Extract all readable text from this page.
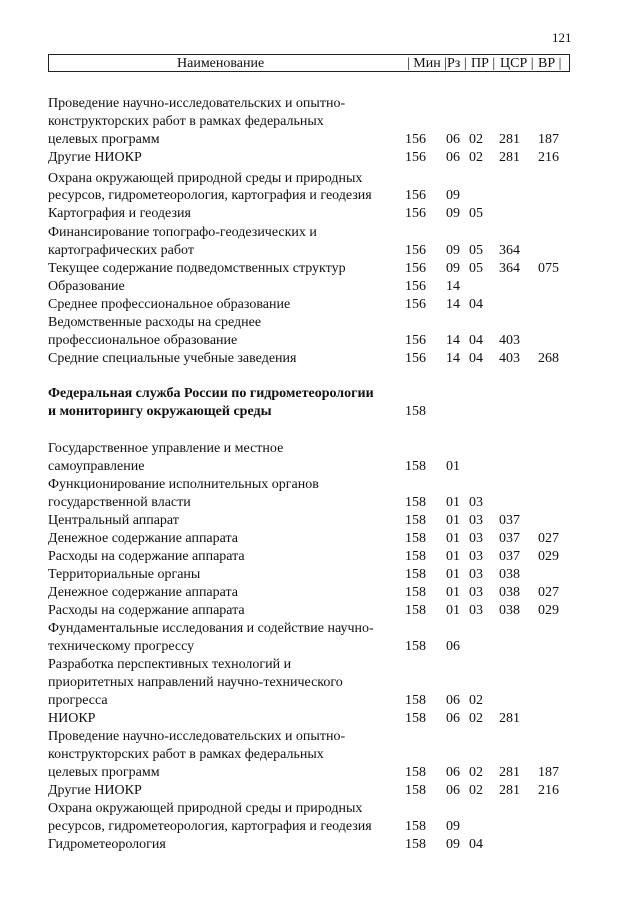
121
Наименование	| Мин | Рз | ПР | ЦСР | ВР |
Проведение научно-исследовательских и опытно-
конструкторских работ в рамках федеральных
целевых программ	156 06 02 281 187
Другие НИОКР	156 06 02 281 216
Охрана окружающей природной среды и природных
ресурсов, гидрометеорология, картография и геодезия 156 09
Картография и геодезия	156 09 05
Финансирование топографо-геодезических и
картографических работ	156 09 05 364
Текущее содержание подведомственных структур	156 09 05 364 075
Образование	156 14
Среднее профессиональное образование	156 14 04
Ведомственные расходы на среднее
профессиональное образование	156 14 04 403
Средние специальные учебные заведения	156 14 04 403 268
Федеральная служба России по гидрометеорологии
и мониторингу окружающей среды	158
Государственное управление и местное
самоуправление	158 01
Функционирование исполнительных органов
государственной власти	158 01 03
Центральный аппарат	158 01 03 037
Денежное содержание аппарата	158 01 03 037 027
Расходы на содержание аппарата	158 01 03 037 029
Территориальные органы	158 01 03 038
Денежное содержание аппарата	158 01 03 038 027
Расходы на содержание аппарата	158 01 03 038 029
Фундаментальные исследования и содействие научно-
техническому прогрессу	158 06
Разработка перспективных технологий и
приоритетных направлений научно-технического
прогресса	158 06 02
НИОКР	158 06 02 281
Проведение научно-исследовательских и опытно-
конструкторских работ в рамках федеральных
целевых программ	158 06 02 281 187
Другие НИОКР	158 06 02 281 216
Охрана окружающей природной среды и природных
ресурсов, гидрометеорология, картография и геодезия 158 09
Гидрометеорология	158 09 04
